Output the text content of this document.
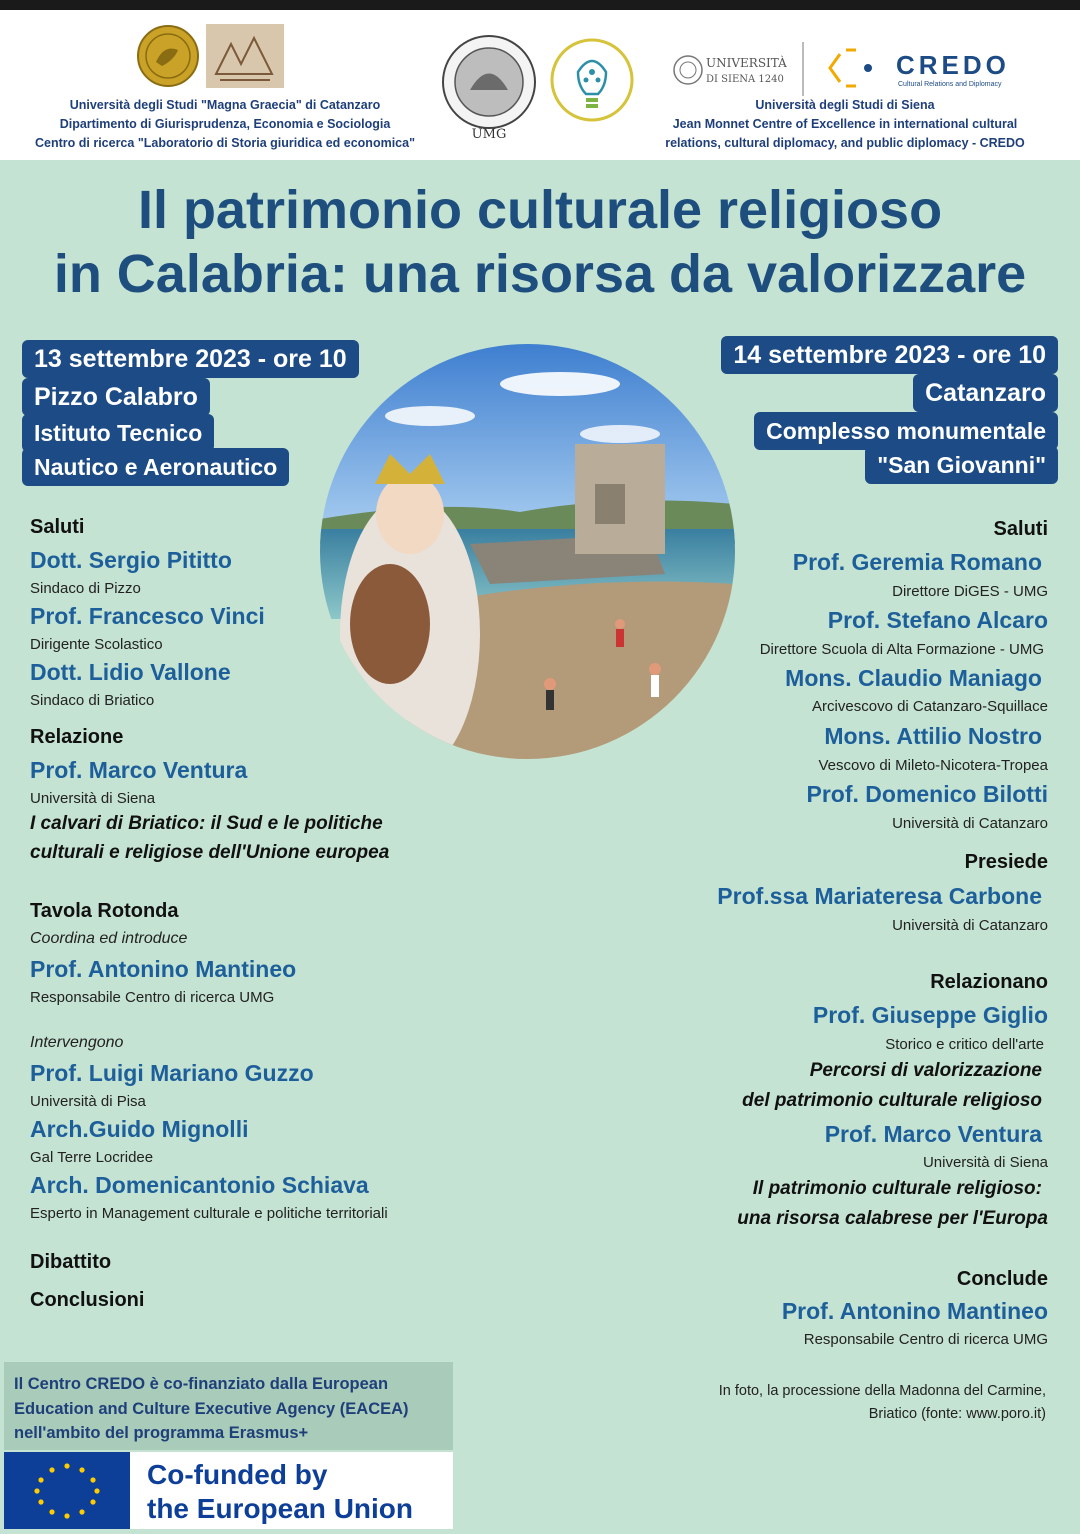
UMG
UNIVERSITÀ
DI SIENA 1240	CREDO
Cultural Relations and Diplomacy
Università degli Studi "Magna Graecia" di Catanzaro
Dipartimento di Giurisprudenza, Economia e Sociologia
Centro di ricerca "Laboratorio di Storia giuridica ed economica"
Università degli Studi di Siena
Jean Monnet Centre of Excellence in international cultural
relations, cultural diplomacy, and public diplomacy - CREDO
Il patrimonio culturale religioso
in Calabria: una risorsa da valorizzare
13 settembre 2023 - ore 10
Pizzo Calabro
Istituto Tecnico
Nautico e Aeronautico
14 settembre 2023 - ore 10
Catanzaro
Complesso monumentale
"San Giovanni"
Saluti
Dott. Sergio Pititto
Sindaco di Pizzo
Prof. Francesco Vinci
Dirigente Scolastico
Dott. Lidio Vallone
Sindaco di Briatico
Relazione
Prof. Marco Ventura
Università di Siena
I calvari di Briatico: il Sud e le politiche
culturali e religiose dell'Unione europea
Tavola Rotonda
Coordina ed introduce
Prof. Antonino Mantineo
Responsabile Centro di ricerca UMG
Intervengono
Prof. Luigi Mariano Guzzo
Università di Pisa
Arch.Guido Mignolli
Gal Terre Locridee
Arch. Domenicantonio Schiava
Esperto in Management culturale e politiche territoriali
Dibattito
Conclusioni
Saluti
Prof. Geremia Romano
Direttore DiGES - UMG
Prof. Stefano Alcaro
Direttore Scuola di Alta Formazione - UMG
Mons. Claudio Maniago
Arcivescovo di Catanzaro-Squillace
Mons. Attilio Nostro
Vescovo di Mileto-Nicotera-Tropea
Prof. Domenico Bilotti
Università di Catanzaro
Presiede
Prof.ssa Mariateresa Carbone
Università di Catanzaro
Relazionano
Prof. Giuseppe Giglio
Storico e critico dell'arte
Percorsi di valorizzazione
del patrimonio culturale religioso
Prof. Marco Ventura
Università di Siena
Il patrimonio culturale religioso:
una risorsa calabrese per l'Europa
Conclude
Prof. Antonino Mantineo
Responsabile Centro di ricerca UMG
Il Centro CREDO è co-finanziato dalla European
Education and Culture Executive Agency (EACEA)
nell'ambito del programma Erasmus+
Co-funded by
the European Union
In foto, la processione della Madonna del Carmine,
Briatico (fonte: www.poro.it)
